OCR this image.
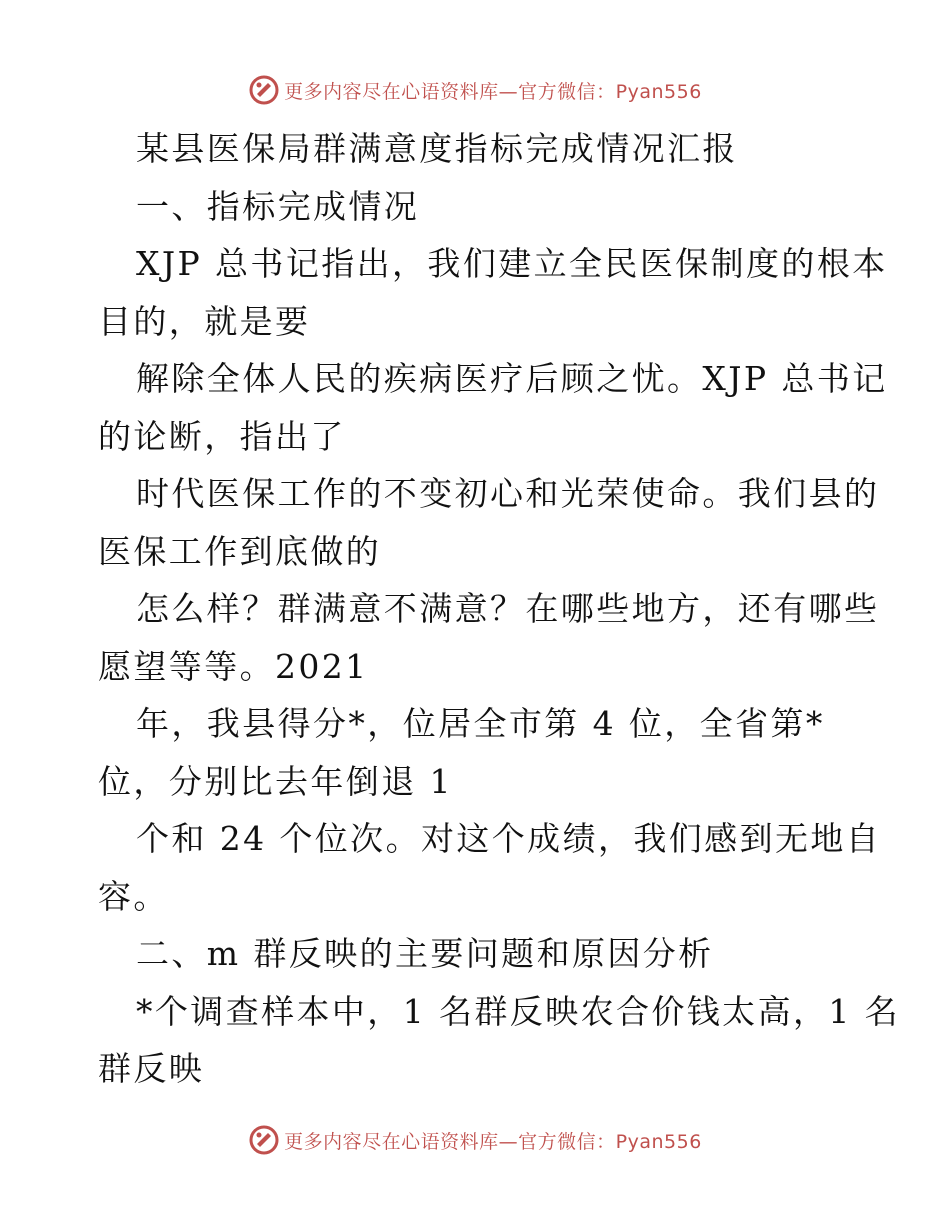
更多内容尽在心语资料库—官方微信：Pyan556

某县医保局群满意度指标完成情况汇报

一、指标完成情况

XJP 总书记指出，我们建立全民医保制度的根本
目的，就是要

解除全体人民的疾病医疗后顾之忧。XJP 总书记
的论断，指出了

时代医保工作的不变初心和光荣使命。我们县的
医保工作到底做的

怎么样？群满意不满意？在哪些地方，还有哪些
愿望等等。2021

年，我县得分*，位居全市第 4 位，全省第*
位，分别比去年倒退 1

个和 24 个位次。对这个成绩，我们感到无地自
容。

二、m 群反映的主要问题和原因分析

*个调查样本中，1 名群反映农合价钱太高，1 名
群反映

更多内容尽在心语资料库—官方微信：Pyan556
